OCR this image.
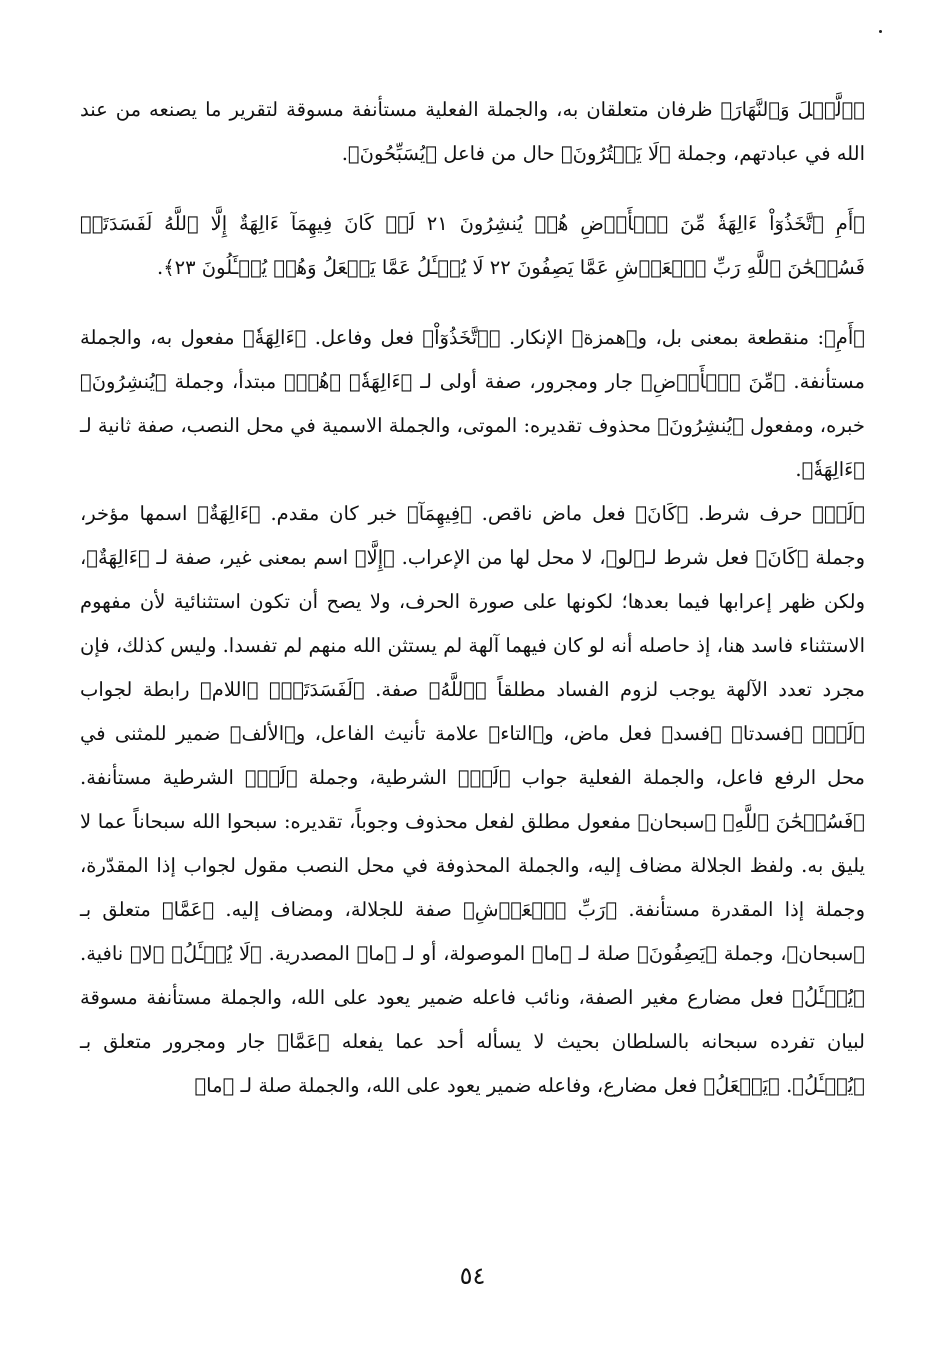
﴿ٱلَّيۡلَ وَٱلنَّهَارَ﴾ ظرفان متعلقان به، والجملة الفعلية مستأنفة مسوقة لتقرير ما يصنعه من عند الله في عبادتهم، وجملة ﴿لَا يَفۡتُرُونَ﴾ حال من فاعل ﴿يُسَبِّحُونَ﴾.

﴿أَمِ ٱتَّخَذُوٓاْ ءَالِهَةٗ مِّنَ ٱلۡأَرۡضِ هُمۡ يُنشِرُونَ ٢١ لَوۡ كَانَ فِيهِمَآ ءَالِهَةٌ إِلَّا ٱللَّهُ لَفَسَدَتَاۚ فَسُبۡحَٰنَ ٱللَّهِ رَبِّ ٱلۡعَرۡشِ عَمَّا يَصِفُونَ ٢٢ لَا يُسۡـَٔلُ عَمَّا يَفۡعَلُ وَهُمۡ يُسۡـَٔلُونَ ٢٣﴾.

﴿أَمِ﴾: منقطعة بمعنى بل، و﴿همزة﴾ الإنكار. ﴿ٱتَّخَذُوٓاْ﴾ فعل وفاعل. ﴿ءَالِهَةٗ﴾ مفعول به، والجملة مستأنفة. ﴿مِّنَ ٱلۡأَرۡضِ﴾ جار ومجرور، صفة أولى لـ ﴿ءَالِهَةٗ﴾ ﴿هُمۡ﴾ مبتدأ، وجملة ﴿يُنشِرُونَ﴾ خبره، ومفعول ﴿يُنشِرُونَ﴾ محذوف تقديره: الموتى، والجملة الاسمية في محل النصب، صفة ثانية لـ ﴿ءَالِهَةٗ﴾.

﴿لَوۡ﴾ حرف شرط. ﴿كَانَ﴾ فعل ماض ناقص. ﴿فِيهِمَآ﴾ خبر كان مقدم. ﴿ءَالِهَةٌ﴾ اسمها مؤخر، وجملة ﴿كَانَ﴾ فعل شرط لـ﴿لو﴾، لا محل لها من الإعراب. ﴿إِلَّا﴾ اسم بمعنى غير، صفة لـ ﴿ءَالِهَةٌ﴾، ولكن ظهر إعرابها فيما بعدها؛ لكونها على صورة الحرف، ولا يصح أن تكون استثنائية لأن مفهوم الاستثناء فاسد هنا، إذ حاصله أنه لو كان فيهما آلهة لم يستثن الله منهم لم تفسدا. وليس كذلك، فإن مجرد تعدد الآلهة يوجب لزوم الفساد مطلقاً ﴿ٱللَّهُ﴾ صفة. ﴿لَفَسَدَتَاۚ﴾ ﴿اللام﴾ رابطة لجواب ﴿لَوۡ﴾ ﴿فسدتا﴾ ﴿فسد﴾ فعل ماض، و﴿التاء﴾ علامة تأنيث الفاعل، و﴿الألف﴾ ضمير للمثنى في محل الرفع فاعل، والجملة الفعلية جواب ﴿لَوۡ﴾ الشرطية، وجملة ﴿لَوۡ﴾ الشرطية مستأنفة. ﴿فَسُبۡحَٰنَ ٱللَّهِ﴾ ﴿سبحان﴾ مفعول مطلق لفعل محذوف وجوباً، تقديره: سبحوا الله سبحاناً عما لا يليق به. ولفظ الجلالة مضاف إليه، والجملة المحذوفة في محل النصب مقول لجواب إذا المقدّرة، وجملة إذا المقدرة مستأنفة. ﴿رَبِّ ٱلۡعَرۡشِ﴾ صفة للجلالة، ومضاف إليه. ﴿عَمَّا﴾ متعلق بـ ﴿سبحان﴾، وجملة ﴿يَصِفُونَ﴾ صلة لـ ﴿ما﴾ الموصولة، أو لـ ﴿ما﴾ المصدرية. ﴿لَا يُسۡـَٔلُ﴾ ﴿لا﴾ نافية. ﴿يُسۡـَٔلُ﴾ فعل مضارع مغير الصفة، ونائب فاعله ضمير يعود على الله، والجملة مستأنفة مسوقة لبيان تفرده سبحانه بالسلطان بحيث لا يسأله أحد عما يفعله ﴿عَمَّا﴾ جار ومجرور متعلق بـ ﴿يُسۡـَٔلُ﴾. ﴿يَفۡعَلُ﴾ فعل مضارع، وفاعله ضمير يعود على الله، والجملة صلة لـ ﴿ما﴾

٥٤
